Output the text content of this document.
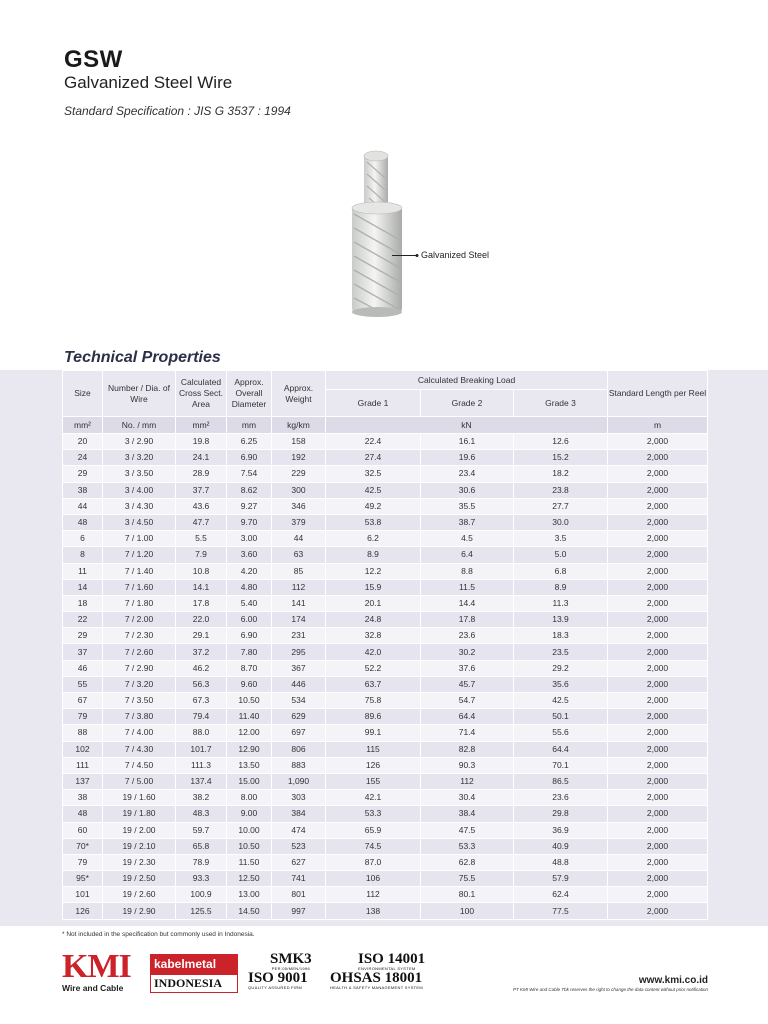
GSW
Galvanized Steel Wire
Standard Specification : JIS G 3537 : 1994
Galvanized Steel
Technical Properties
Size	Number / Dia. of Wire	Calculated Cross Sect. Area	Approx. Overall Diameter	Approx. Weight	Calculated Breaking Load			Standard Length per Reel
					Grade 1	Grade 2	Grade 3	
mm²	No. / mm	mm²	mm	kg/km	kN			m
20	3 / 2.90	19.8	6.25	158	22.4	16.1	12.6	2,000
24	3 / 3.20	24.1	6.90	192	27.4	19.6	15.2	2,000
29	3 / 3.50	28.9	7.54	229	32.5	23.4	18.2	2,000
38	3 / 4.00	37.7	8.62	300	42.5	30.6	23.8	2,000
44	3 / 4.30	43.6	9.27	346	49.2	35.5	27.7	2,000
48	3 / 4.50	47.7	9.70	379	53.8	38.7	30.0	2,000
6	7 / 1.00	5.5	3.00	44	6.2	4.5	3.5	2,000
8	7 / 1.20	7.9	3.60	63	8.9	6.4	5.0	2,000
11	7 / 1.40	10.8	4.20	85	12.2	8.8	6.8	2,000
14	7 / 1.60	14.1	4.80	112	15.9	11.5	8.9	2,000
18	7 / 1.80	17.8	5.40	141	20.1	14.4	11.3	2,000
22	7 / 2.00	22.0	6.00	174	24.8	17.8	13.9	2,000
29	7 / 2.30	29.1	6.90	231	32.8	23.6	18.3	2,000
37	7 / 2.60	37.2	7.80	295	42.0	30.2	23.5	2,000
46	7 / 2.90	46.2	8.70	367	52.2	37.6	29.2	2,000
55	7 / 3.20	56.3	9.60	446	63.7	45.7	35.6	2,000
67	7 / 3.50	67.3	10.50	534	75.8	54.7	42.5	2,000
79	7 / 3.80	79.4	11.40	629	89.6	64.4	50.1	2,000
88	7 / 4.00	88.0	12.00	697	99.1	71.4	55.6	2,000
102	7 / 4.30	101.7	12.90	806	115	82.8	64.4	2,000
111	7 / 4.50	111.3	13.50	883	126	90.3	70.1	2,000
137	7 / 5.00	137.4	15.00	1,090	155	112	86.5	2,000
38	19 / 1.60	38.2	8.00	303	42.1	30.4	23.6	2,000
48	19 / 1.80	48.3	9.00	384	53.3	38.4	29.8	2,000
60	19 / 2.00	59.7	10.00	474	65.9	47.5	36.9	2,000
70*	19 / 2.10	65.8	10.50	523	74.5	53.3	40.9	2,000
79	19 / 2.30	78.9	11.50	627	87.0	62.8	48.8	2,000
95*	19 / 2.50	93.3	12.50	741	106	75.5	57.9	2,000
101	19 / 2.60	100.9	13.00	801	112	80.1	62.4	2,000
126	19 / 2.90	125.5	14.50	997	138	100	77.5	2,000
* Not included in the specification but commonly used in Indonesia.
KMI
Wire and Cable
kabelmetal
INDONESIA
SMK3
PER.05/MEN/1996
ISO 9001
QUALITY ASSURED FIRM
ISO 14001
ENVIRONMENTAL SYSTEM
OHSAS 18001
HEALTH & SAFETY MANAGEMENT SYSTEM
www.kmi.co.id
PT KMI Wire and Cable Tbk reserves the right to change the data content without prior notification
